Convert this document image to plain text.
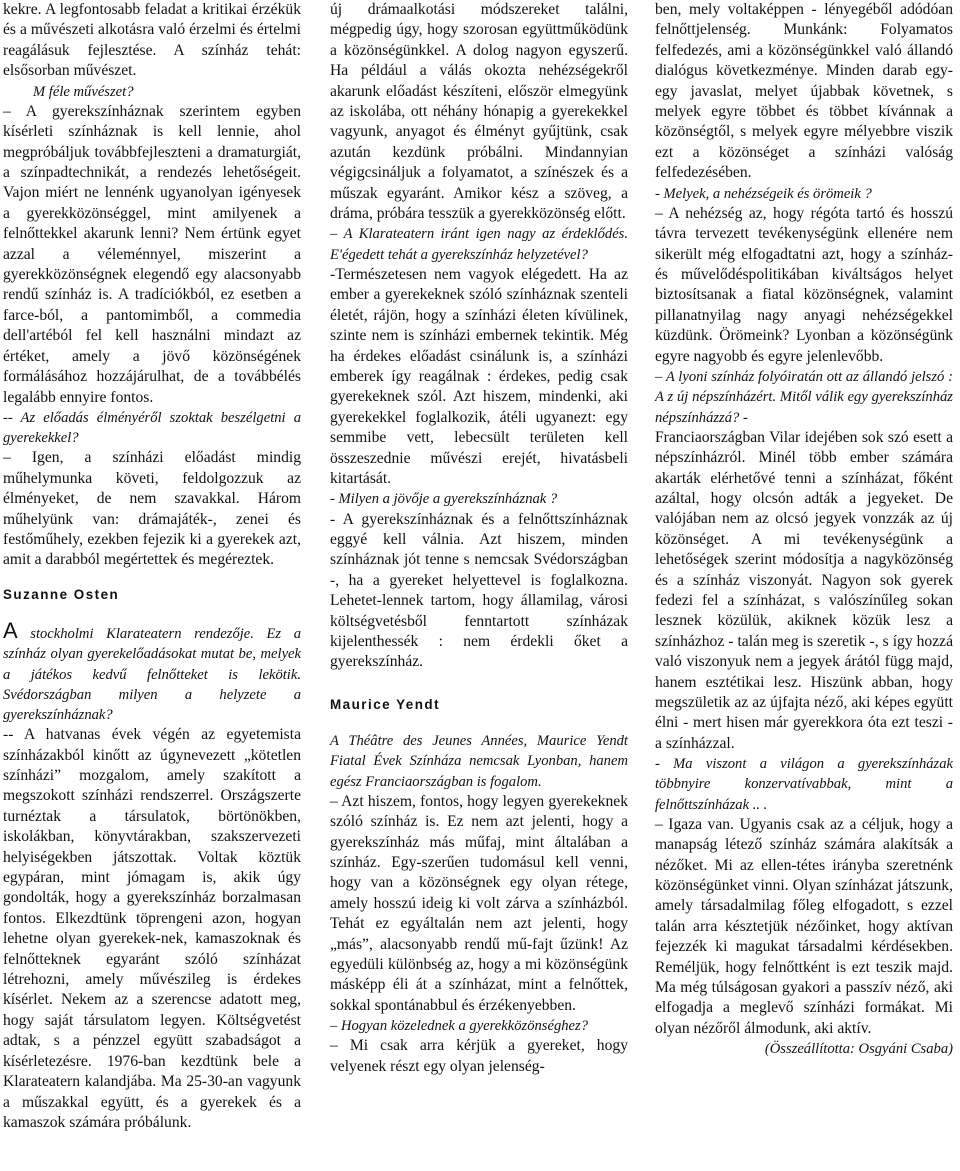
kekre. A legfontosabb feladat a kritikai érzékük és a művészeti alkotásra való érzelmi és értelmi reagálásuk fejlesztése. A színház tehát: elsősorban művészet.

M féle művészet?

– A gyerekszínháznak szerintem egyben kísérleti színháznak is kell lennie, ahol megpróbáljuk továbbfejleszteni a dramaturgiát, a színpadtechnikát, a rendezés lehetőségeit. Vajon miért ne lennénk ugyanolyan igényesek a gyerekközönséggel, mint amilyenek a felnőttekkel akarunk lenni? Nem értünk egyet azzal a véleménnyel, miszerint a gyerekközönségnek elegendő egy alacsonyabb rendű színház is. A tradíciókból, ez esetben a farce-ból, a pantomimből, a commedia dell'artéból fel kell használni mindazt az értéket, amely a jövő közönségének formálásához hozzájárulhat, de a továbbélés legalább ennyire fontos.

-- Az előadás élményéről szoktak beszélgetni a gyerekekkel?

– Igen, a színházi előadást mindig műhelymunka követi, feldolgozzuk az élményeket, de nem szavakkal. Három műhelyünk van: drámajáték-, zenei és festőműhely, ezekben fejezik ki a gyerekek azt, amit a darabból megértettek és megéreztek.

Suzanne Osten

A stockholmi Klarateatern rendezője. Ez a színház olyan gyerekelőadásokat mutat be, melyek a játékos kedvű felnőtteket is lekötik. Svédországban milyen a helyzete a gyerekszínháznak?

-- A hatvanas évek végén az egyetemista színházakból kinőtt az úgynevezett „kötetlen színházi” mozgalom, amely szakított a megszokott színházi rendszerrel. Országszerte turnéztak a társulatok, börtönökben, iskolákban, könyvtárakban, szakszervezeti helyiségekben játszottak. Voltak köztük egypáran, mint jómagam is, akik úgy gondolták, hogy a gyerekszínház borzalmasan fontos. Elkezdtünk töprengeni azon, hogyan lehetne olyan gyerekek-nek, kamaszoknak és felnőtteknek egyaránt szóló színházat létrehozni, amely művészileg is érdekes kísérlet. Nekem az a szerencse adatott meg, hogy saját társulatom legyen. Költségvetést adtak, s a pénzzel együtt szabadságot a kísérletezésre. 1976-ban kezdtünk bele a Klarateatern kalandjába. Ma 25-30-an vagyunk a műszakkal együtt, és a gyerekek és a kamaszok számára próbálunk.

új drámaalkotási módszereket találni, mégpedig úgy, hogy szorosan együttműködünk a közönségünkkel. A dolog nagyon egyszerű. Ha például a válás okozta nehézségekről akarunk előadást készíteni, először elmegyünk az iskolába, ott néhány hónapig a gyerekekkel vagyunk, anyagot és élményt gyűjtünk, csak azután kezdünk próbálni. Mindannyian végigcsináljuk a folyamatot, a színészek és a műszak egyaránt. Amikor kész a szöveg, a dráma, próbára tesszük a gyerekközönség előtt.

– A Klarateatern iránt igen nagy az érdeklődés. E'égedett tehát a gyerekszínház helyzetével?

-Természetesen nem vagyok elégedett. Ha az ember a gyerekeknek szóló színháznak szenteli életét, rájön, hogy a színházi életen kívülinek, szinte nem is színházi embernek tekintik. Még ha érdekes előadást csinálunk is, a színházi emberek így reagálnak : érdekes, pedig csak gyerekeknek szól. Azt hiszem, mindenki, aki gyerekekkel foglalkozik, átéli ugyanezt: egy semmibe vett, lebecsült területen kell összeszednie művészi erejét, hivatásbeli kitartását.

- Milyen a jövője a gyerekszínháznak ?

- A gyerekszínháznak és a felnőttszínháznak eggyé kell válnia. Azt hiszem, minden színháznak jót tenne s nemcsak Svédországban -, ha a gyereket helyettevel is foglalkozna. Lehetet-lennek tartom, hogy államilag, városi költségvetésből fenntartott színházak kijelenthessék : nem érdekli őket a gyerekszínház.

Maurice Yendt

A Théâtre des Jeunes Années, Maurice Yendt Fiatal Évek Színháza nemcsak Lyonban, hanem egész Franciaországban is fogalom.

– Azt hiszem, fontos, hogy legyen gyerekeknek szóló színház is. Ez nem azt jelenti, hogy a gyerekszínház más műfaj, mint általában a színház. Egy-szerűen tudomásul kell venni, hogy van a közönségnek egy olyan rétege, amely hosszú ideig ki volt zárva a színházból. Tehát ez egyáltalán nem azt jelenti, hogy „más”, alacsonyabb rendű mű-fajt űzünk! Az egyedüli különbség az, hogy a mi közönségünk másképp éli át a színházat, mint a felnőttek, sokkal spontánabbul és érzékenyebben.

– Hogyan közelednek a gyerekközönséghez?

– Mi csak arra kérjük a gyereket, hogy velyenek részt egy olyan jelenség-

ben, mely voltaképpen - lényegéből adódóan felnőttjelenség. Munkánk: Folyamatos felfedezés, ami a közönségünkkel való állandó dialógus következménye. Minden darab egy-egy javaslat, melyet újabbak követnek, s melyek egyre többet és többet kívánnak a közönségtől, s melyek egyre mélyebbre viszik ezt a közönséget a színházi valóság felfedezésében.

- Melyek, a nehézségeik és örömeik ?

– A nehézség az, hogy régóta tartó és hosszú távra tervezett tevékenységünk ellenére nem sikerült még elfogadtatni azt, hogy a színház- és művelődéspolitikában kiváltságos helyet biztosítsanak a fiatal közönségnek, valamint pillanatnyilag nagy anyagi nehézségekkel küzdünk. Örömeink? Lyonban a közönségünk egyre nagyobb és egyre jelenlevőbb.

– A lyoni színház folyóiratán ott az állandó jelszó : A z új népszínházért. Mitől válik egy gyerekszínház népszínházzá? -

Franciaországban Vilar idejében sok szó esett a népszínházról. Minél több ember számára akarták elérhetővé tenni a színházat, főként azáltal, hogy olcsón adták a jegyeket. De valójában nem az olcsó jegyek vonzzák az új közönséget. A mi tevékenységünk a lehetőségek szerint módosítja a nagyközönség és a színház viszonyát. Nagyon sok gyerek fedezi fel a színházat, s valószínűleg sokan lesznek közülük, akiknek közük lesz a színházhoz - talán meg is szeretik -, s így hozzá való viszonyuk nem a jegyek árától függ majd, hanem esztétikai lesz. Hiszünk abban, hogy megszületik az az újfajta néző, aki képes együtt élni - mert hisen már gyerekkora óta ezt teszi - a színházzal.

- Ma viszont a világon a gyerekszínházak többnyire konzervatívabbak, mint a felnőttszínházak .. .

– Igaza van. Ugyanis csak az a céljuk, hogy a manapság létező színház számára alakítsák a nézőket. Mi az ellen-tétes irányba szeretnénk közönségünket vinni. Olyan színházat játszunk, amely társadalmilag főleg elfogadott, s ezzel talán arra késztetjük nézőinket, hogy aktívan fejezzék ki magukat társadalmi kérdésekben. Reméljük, hogy felnőttként is ezt teszik majd. Ma még túlságosan gyakori a passzív néző, aki elfogadja a meglevő színházi formákat. Mi olyan nézőről álmodunk, aki aktív.

(Összeállította: Osgyáni Csaba)
